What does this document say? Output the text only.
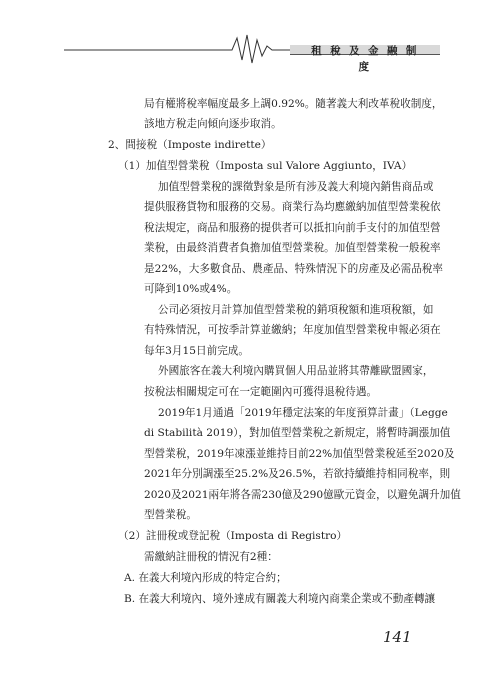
租 稅 及 金 融 制 度
局有權將稅率幅度最多上調0.92%。隨著義大利改革稅收制度，
該地方稅走向傾向逐步取消。
2、間接稅（Imposte indirette）
（1）加值型營業稅（Imposta sul Valore Aggiunto，IVA）
加值型營業稅的課徵對象是所有涉及義大利境內銷售商品或
提供服務貨物和服務的交易。商業行為均應繳納加值型營業稅依
稅法規定，商品和服務的提供者可以抵扣向前手支付的加值型營
業稅，由最終消費者負擔加值型營業稅。加值型營業稅一般稅率
是22%，大多數食品、農產品、特殊情況下的房產及必需品稅率
可降到10%或4%。
公司必須按月計算加值型營業稅的銷項稅額和進項稅額，如
有特殊情況，可按季計算並繳納；年度加值型營業稅申報必須在
每年3月15日前完成。
外國旅客在義大利境內購買個人用品並將其帶離歐盟國家，
按稅法相關規定可在一定範圍內可獲得退稅待遇。
2019年1月通過「2019年穩定法案的年度預算計畫」（Legge
di Stabilità 2019），對加值型營業稅之新規定，將暫時調漲加值
型營業稅，2019年凍漲並維持目前22%加值型營業稅延至2020及
2021年分別調漲至25.2%及26.5%，若欲持續維持相同稅率，則
2020及2021兩年將各需230億及290億歐元資金，以避免調升加值
型營業稅。
（2）註冊稅或登記稅（Imposta di Registro）
需繳納註冊稅的情況有2種：
A. 在義大利境內形成的特定合約；
B. 在義大利境內、境外達成有關義大利境內商業企業或不動產轉讓
141
